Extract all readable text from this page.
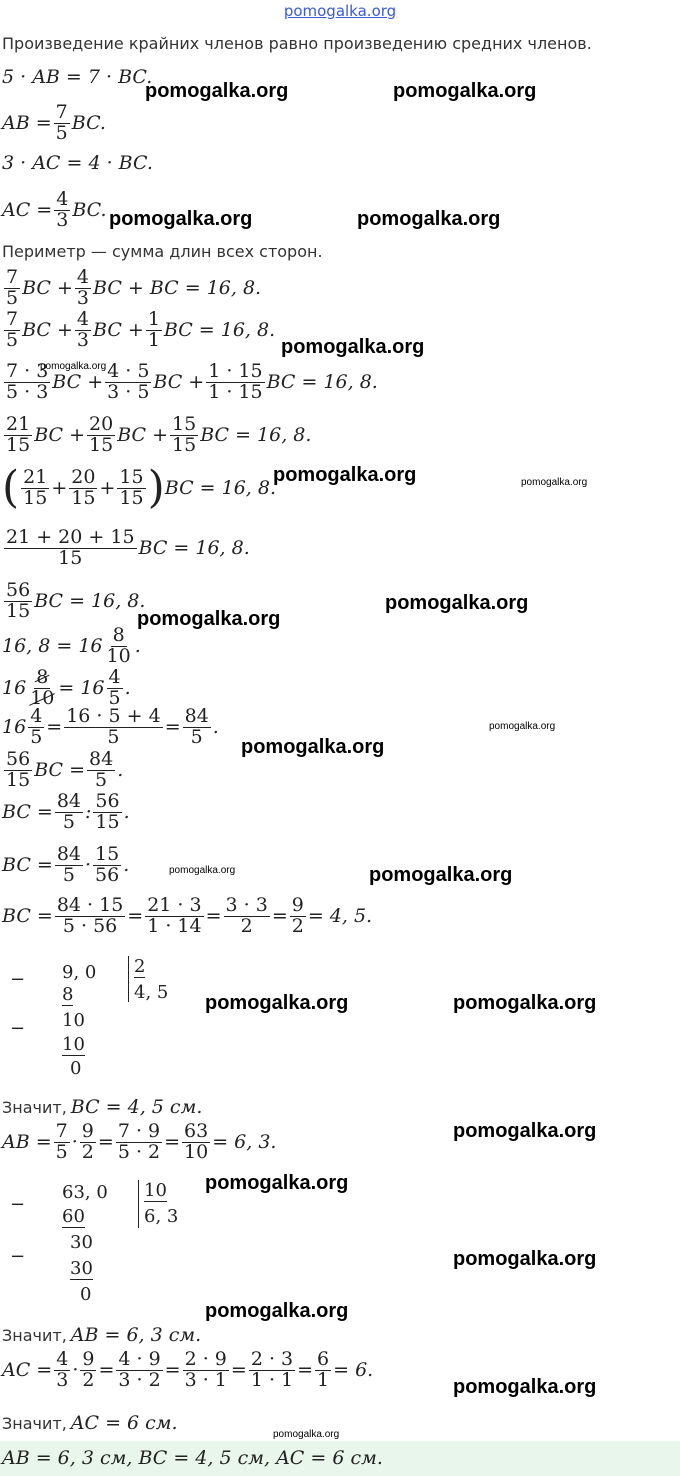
pomogalka.org
Произведение крайних членов равно произведению средних членов.
5 · AB = 7 · BC.
AB = $\frac{7}{5}$ BC.
3 · AC = 4 · BC.
AC = $\frac{4}{3}$ BC.
Периметр — сумма длин всех сторон.
$\frac{7}{5}$ BC + $\frac{4}{3}$ BC + BC = 16, 8.
$\frac{7}{5}$ BC + $\frac{4}{3}$ BC + $\frac{1}{1}$ BC = 16, 8.
$\frac{7 \cdot 3}{5 \cdot 3}$ BC + $\frac{4 \cdot 5}{3 \cdot 5}$ BC + $\frac{1 \cdot 15}{1 \cdot 15}$ BC = 16, 8.
$\frac{21}{15}$ BC + $\frac{20}{15}$ BC + $\frac{15}{15}$ BC = 16, 8.
( $\frac{21}{15} + \frac{20}{15} + \frac{15}{15}$ ) BC = 16, 8.
$\frac{21 + 20 + 15}{15}$ BC = 16, 8.
$\frac{56}{15}$ BC = 16, 8.
16, $8 = 16 \frac{8}{10}$ .
$16 \frac{8}{10} = 16 \frac{4}{5}$ .
$16 \frac{4}{5} = \frac{16 \cdot 5 + 4}{5} = \frac{84}{5}$ .
$\frac{56}{15}$ BC = $\frac{84}{5}$ .
BC = $\frac{84}{5}$ : $\frac{56}{15}$ .
BC = $\frac{84}{5} \cdot \frac{15}{56}$ .
BC = $\frac{84 \cdot 15}{5 \cdot 56} = \frac{21 \cdot 3}{1 \cdot 14} = \frac{3 \cdot 3}{2} = \frac{9}{2} = 4$, 5.
− 9, 0
8
− 10
10
0
2
4, 5
Значит, BC = 4, 5 см.
AB = $\frac{7}{5} \cdot \frac{9}{2} = \frac{7 \cdot 9}{5 \cdot 2} = \frac{63}{10} = 6$, 3.
−
63, 0
60
−
30
30
0
10
6, 3
Значит, AB = 6, 3 см.
AC = $\frac{4}{3} \cdot \frac{9}{2} = \frac{4 \cdot 9}{3 \cdot 2} = \frac{2 \cdot 9}{3 \cdot 1} = \frac{2 \cdot 3}{1 \cdot 1} = \frac{6}{1} = 6$.
Значит, AC = 6 см.
AB = 6, 3 см, BC = 4, 5 см, AC = 6 см.
pomogalka.org	pomogalka.org
pomogalka.org	pomogalka.org
pomogalka.org
pomogalka.org
pomogalka.org	pomogalka.org
pomogalka.org
pomogalka.org
pomogalka.org
pomogalka.org
pomogalka.org	pomogalka.org
pomogalka.org	pomogalka.org
pomogalka.org
pomogalka.org
pomogalka.org
pomogalka.org
pomogalka.org
pomogalka.org
